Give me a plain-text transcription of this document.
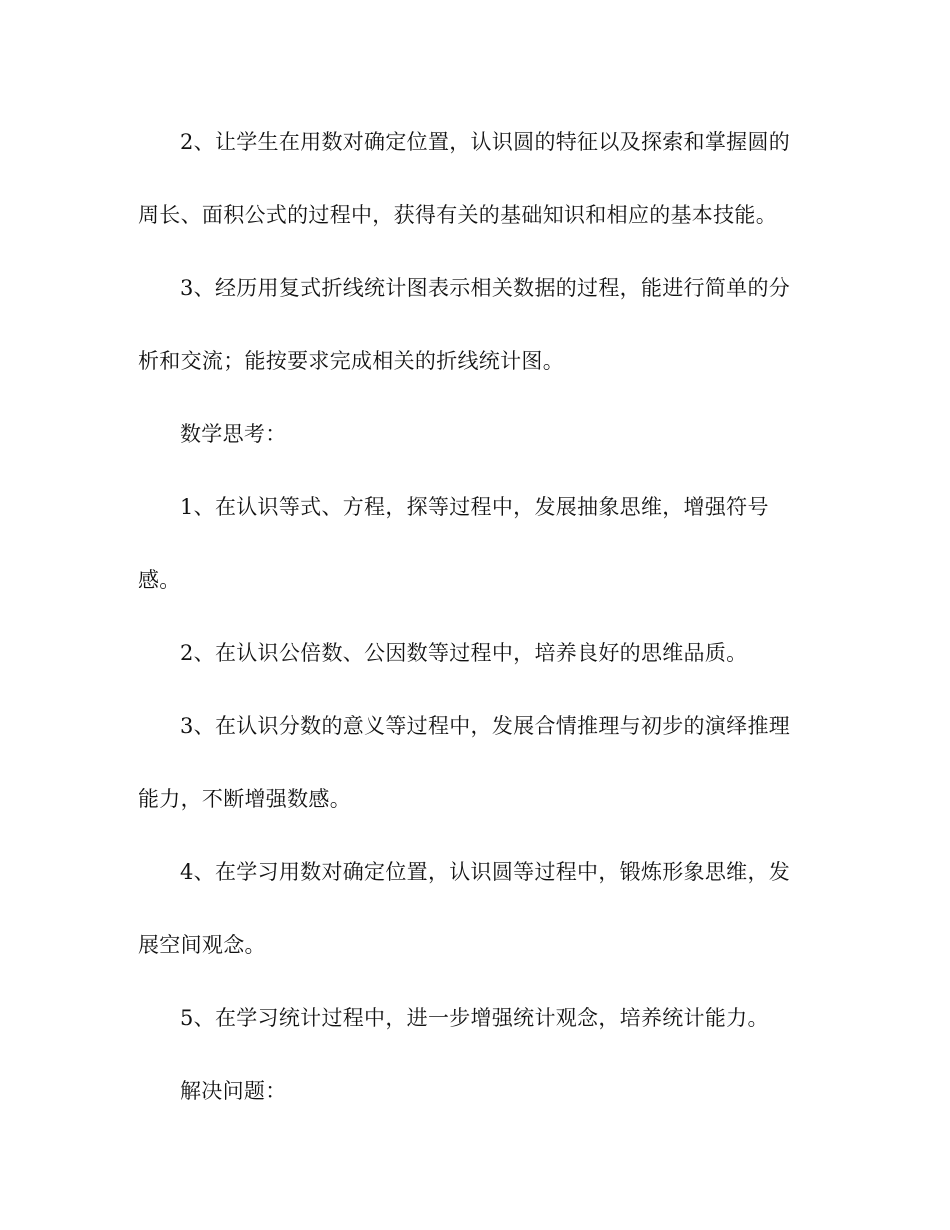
2、让学生在用数对确定位置，认识圆的特征以及探索和掌握圆的
周长、面积公式的过程中，获得有关的基础知识和相应的基本技能。
3、经历用复式折线统计图表示相关数据的过程，能进行简单的分
析和交流；能按要求完成相关的折线统计图。
数学思考：
1、在认识等式、方程，探等过程中，发展抽象思维，增强符号
感。
2、在认识公倍数、公因数等过程中，培养良好的思维品质。
3、在认识分数的意义等过程中，发展合情推理与初步的演绎推理
能力，不断增强数感。
4、在学习用数对确定位置，认识圆等过程中，锻炼形象思维，发
展空间观念。
5、在学习统计过程中，进一步增强统计观念，培养统计能力。
解决问题：
